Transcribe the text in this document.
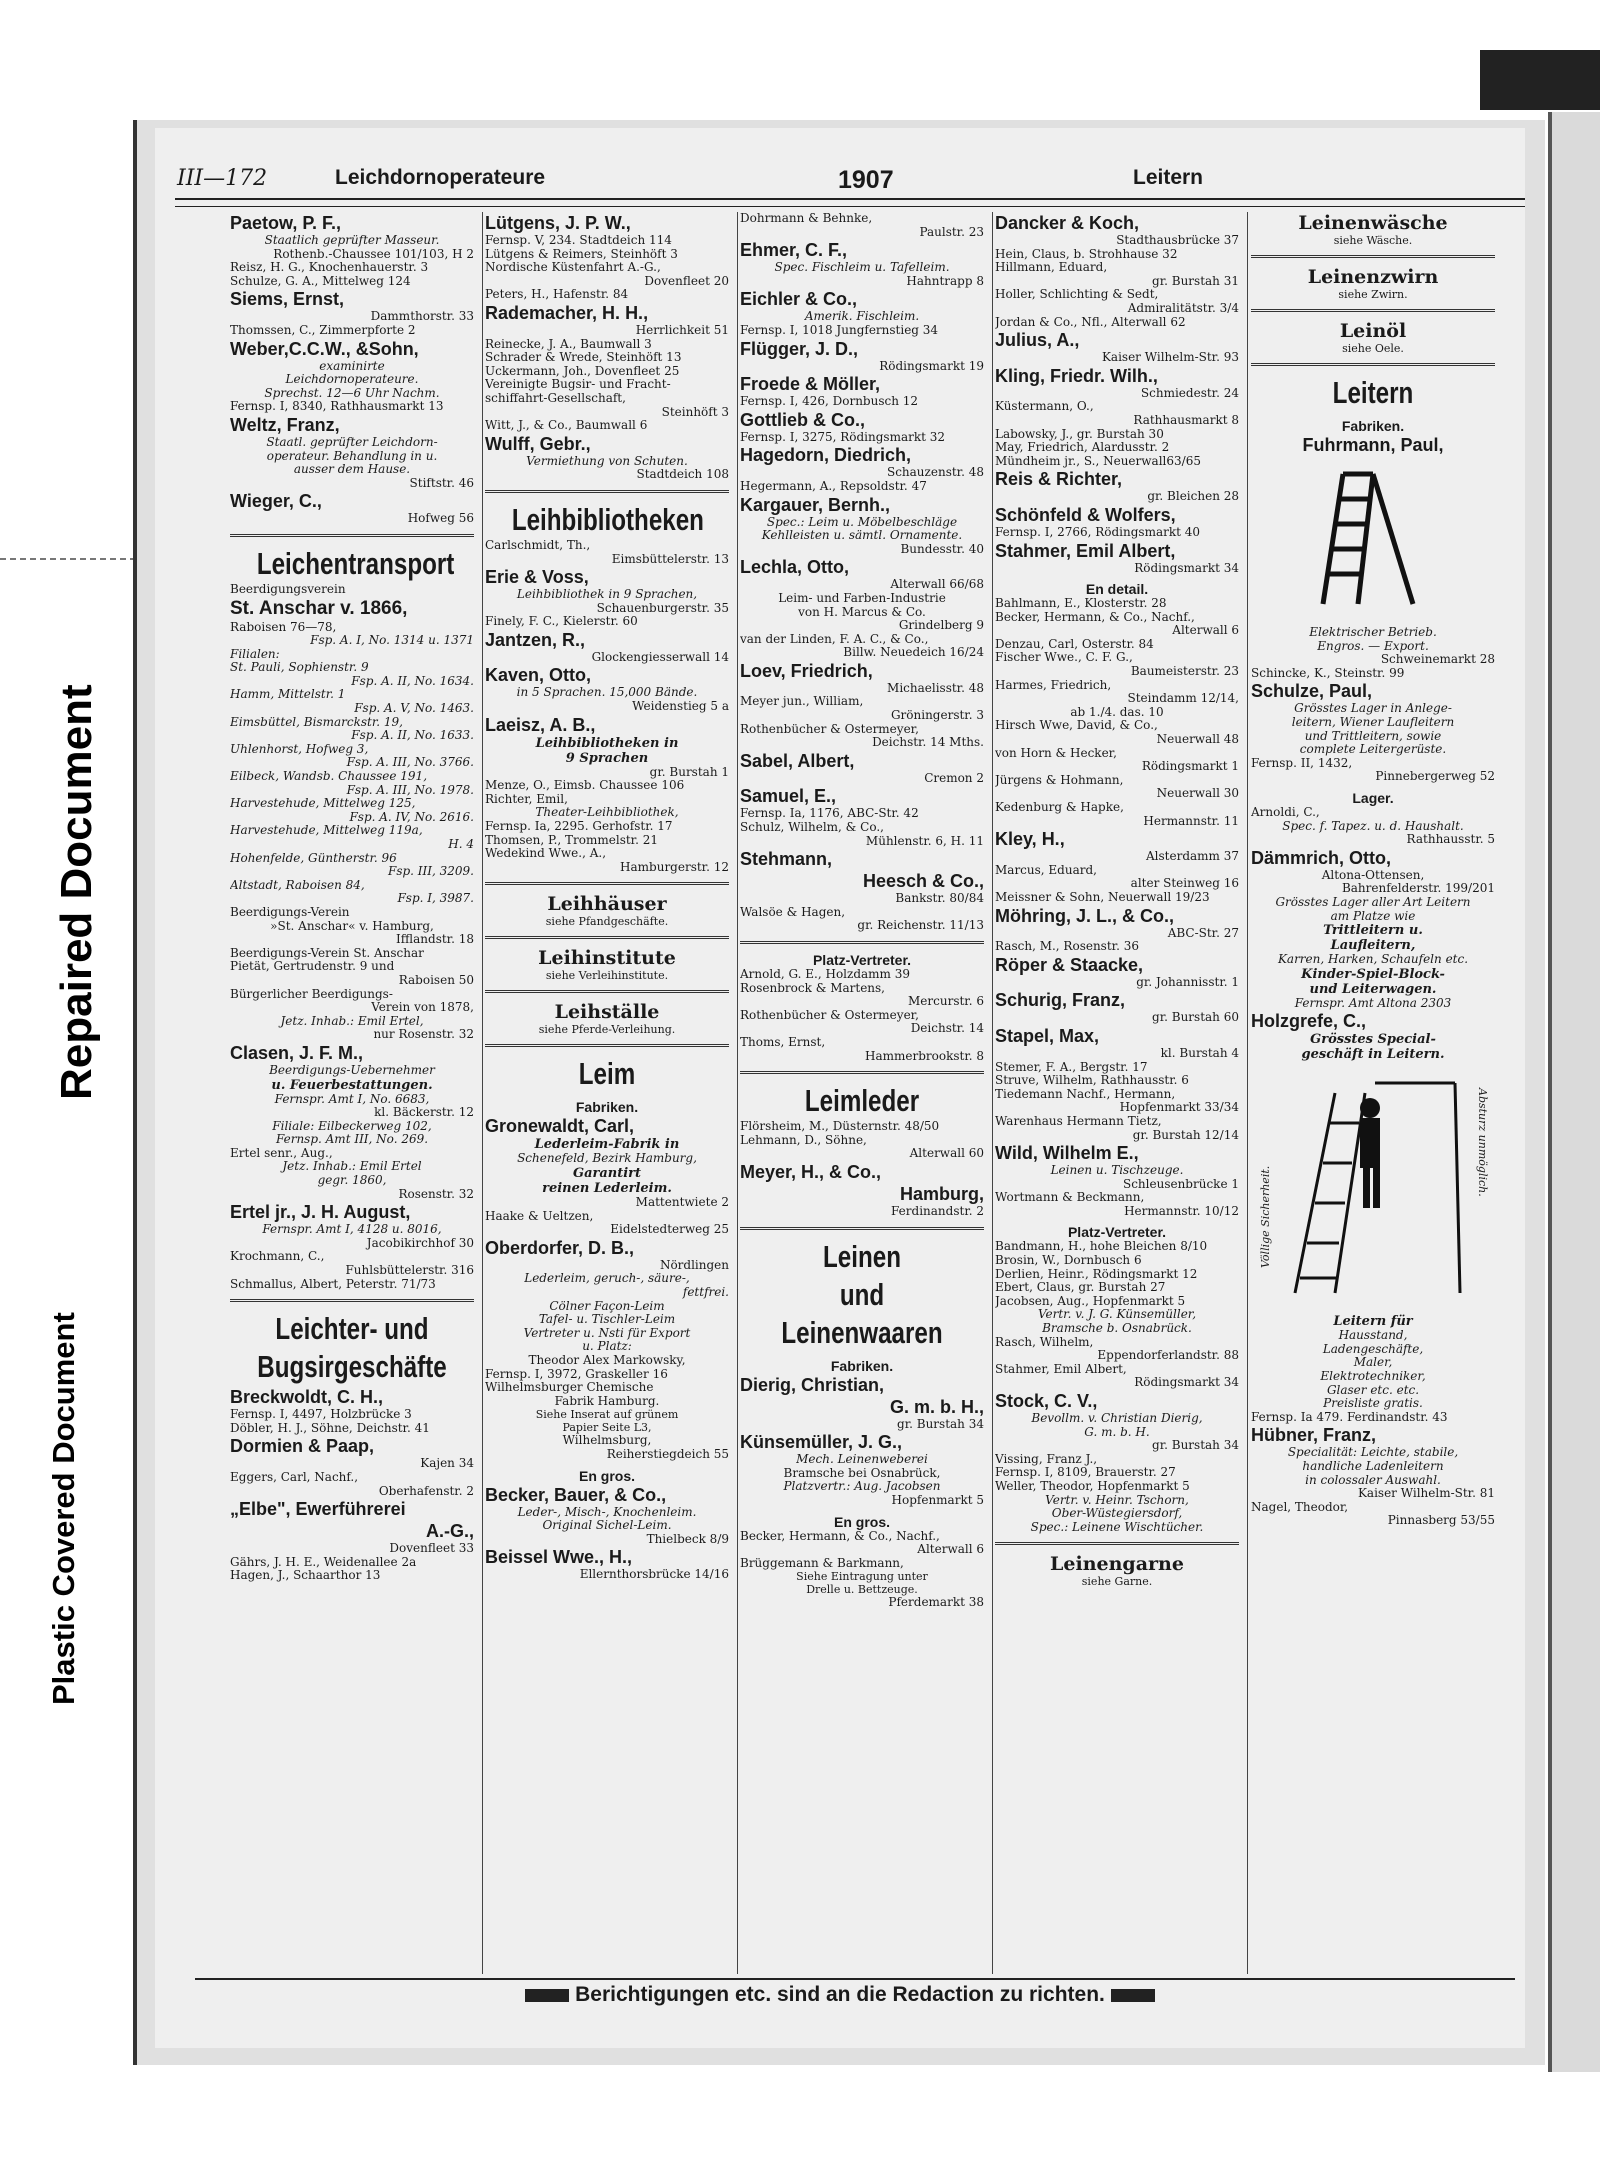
Repaired Document
Plastic Covered Document
III—172	Leichdornoperateure	1907	Leitern
Paetow, P. F.,
Staatlich geprüfter Masseur.
Rothenb.-Chaussee 101/103, H 2
Reisz, H. G., Knochenhauerstr. 3
Schulze, G. A., Mittelweg 124
Siems, Ernst,
Dammthorstr. 33
Thomssen, C., Zimmerpforte 2
Weber,C.C.W., &Sohn,
examinirte
Leichdornoperateure.
Sprechst. 12—6 Uhr Nachm.
Fernsp. I, 8340, Rathhausmarkt 13
Weltz, Franz,
Staatl. geprüfter Leichdorn-
operateur. Behandlung in u.
ausser dem Hause.
Stiftstr. 46
Wieger, C.,
Hofweg 56
Leichentransport
Beerdigungsverein
St. Anschar v. 1866,
Raboisen 76—78,
Fsp. A. I, No. 1314 u. 1371
Filialen:
St. Pauli, Sophienstr. 9
Fsp. A. II, No. 1634.
Hamm, Mittelstr. 1
Fsp. A. V, No. 1463.
Eimsbüttel, Bismarckstr. 19,
Fsp. A. II, No. 1633.
Uhlenhorst, Hofweg 3,
Fsp. A. III, No. 3766.
Eilbeck, Wandsb. Chaussee 191,
Fsp. A. III, No. 1978.
Harvestehude, Mittelweg 125,
Fsp. A. IV, No. 2616.
Harvestehude, Mittelweg 119a,
H. 4
Hohenfelde, Güntherstr. 96
Fsp. III, 3209.
Altstadt, Raboisen 84,
Fsp. I, 3987.
Beerdigungs-Verein
»St. Anschar« v. Hamburg,
Ifflandstr. 18
Beerdigungs-Verein St. Anschar
Pietät, Gertrudenstr. 9 und
Raboisen 50
Bürgerlicher Beerdigungs-
Verein von 1878,
Jetz. Inhab.: Emil Ertel,
nur Rosenstr. 32
Clasen, J. F. M.,
Beerdigungs-Uebernehmer
u. Feuerbestattungen.
Fernspr. Amt I, No. 6683,
kl. Bäckerstr. 12
Filiale: Eilbeckerweg 102,
Fernsp. Amt III, No. 269.
Ertel senr., Aug.,
Jetz. Inhab.: Emil Ertel
gegr. 1860,
Rosenstr. 32
Ertel jr., J. H. August,
Fernspr. Amt I, 4128 u. 8016,
Jacobikirchhof 30
Krochmann, C.,
Fuhlsbüttelerstr. 316
Schmallus, Albert, Peterstr. 71/73
Leichter- und
Bugsirgeschäfte
Breckwoldt, C. H.,
Fernsp. I, 4497, Holzbrücke 3
Döbler, H. J., Söhne, Deichstr. 41
Dormien & Paap,
Kajen 34
Eggers, Carl, Nachf.,
Oberhafenstr. 2
„Elbe", Ewerführerei
A.-G.,
Dovenfleet 33
Gährs, J. H. E., Weidenallee 2a
Hagen, J., Schaarthor 13
Lütgens, J. P. W.,
Fernsp. V, 234. Stadtdeich 114
Lütgens & Reimers, Steinhöft 3
Nordische Küstenfahrt A.-G.,
Dovenfleet 20
Peters, H., Hafenstr. 84
Rademacher, H. H.,
Herrlichkeit 51
Reinecke, J. A., Baumwall 3
Schrader & Wrede, Steinhöft 13
Uckermann, Joh., Dovenfleet 25
Vereinigte Bugsir- und Fracht-
schiffahrt-Gesellschaft,
Steinhöft 3
Witt, J., & Co., Baumwall 6
Wulff, Gebr.,
Vermiethung von Schuten.
Stadtdeich 108
Leihbibliotheken
Carlschmidt, Th.,
Eimsbüttelerstr. 13
Erie & Voss,
Leihbibliothek in 9 Sprachen,
Schauenburgerstr. 35
Finely, F. C., Kielerstr. 60
Jantzen, R.,
Glockengiesserwall 14
Kaven, Otto,
in 5 Sprachen. 15,000 Bände.
Weidenstieg 5 a
Laeisz, A. B.,
Leihbibliotheken in
9 Sprachen
gr. Burstah 1
Menze, O., Eimsb. Chaussee 106
Richter, Emil,
Theater-Leihbibliothek,
Fernsp. Ia, 2295. Gerhofstr. 17
Thomsen, P., Trommelstr. 21
Wedekind Wwe., A.,
Hamburgerstr. 12
Leihhäuser
siehe Pfandgeschäfte.
Leihinstitute
siehe Verleihinstitute.
Leihställe
siehe Pferde-Verleihung.
Leim
Fabriken.
Gronewaldt, Carl,
Lederleim-Fabrik in
Schenefeld, Bezirk Hamburg,
Garantirt
reinen Lederleim.
Mattentwiete 2
Haake & Ueltzen,
Eidelstedterweg 25
Oberdorfer, D. B.,
Nördlingen
Lederleim, geruch-, säure-,
fettfrei.
Cölner Façon-Leim
Tafel- u. Tischler-Leim
Vertreter u. Nsti für Export
u. Platz:
Theodor Alex Markowsky,
Fernsp. I, 3972, Graskeller 16
Wilhelmsburger Chemische
Fabrik Hamburg.
Siehe Inserat auf grünem
Papier Seite L3,
Wilhelmsburg,
Reiherstiegdeich 55
En gros.
Becker, Bauer, & Co.,
Leder-, Misch-, Knochenleim.
Original Sichel-Leim.
Thielbeck 8/9
Beissel Wwe., H.,
Ellernthorsbrücke 14/16
Dohrmann & Behnke,
Paulstr. 23
Ehmer, C. F.,
Spec. Fischleim u. Tafelleim.
Hahntrapp 8
Eichler & Co.,
Amerik. Fischleim.
Fernsp. I, 1018 Jungfernstieg 34
Flügger, J. D.,
Rödingsmarkt 19
Froede & Möller,
Fernsp. I, 426, Dornbusch 12
Gottlieb & Co.,
Fernsp. I, 3275, Rödingsmarkt 32
Hagedorn, Diedrich,
Schauzenstr. 48
Hegermann, A., Repsoldstr. 47
Kargauer, Bernh.,
Spec.: Leim u. Möbelbeschläge
Kehlleisten u. sämtl. Ornamente.
Bundesstr. 40
Lechla, Otto,
Alterwall 66/68
Leim- und Farben-Industrie
von H. Marcus & Co.
Grindelberg 9
van der Linden, F. A. C., & Co.,
Billw. Neuedeich 16/24
Loev, Friedrich,
Michaelisstr. 48
Meyer jun., William,
Gröningerstr. 3
Rothenbücher & Ostermeyer,
Deichstr. 14 Mths.
Sabel, Albert,
Cremon 2
Samuel, E.,
Fernsp. Ia, 1176, ABC-Str. 42
Schulz, Wilhelm, & Co.,
Mühlenstr. 6, H. 11
Stehmann,
Heesch & Co.,
Bankstr. 80/84
Walsöe & Hagen,
gr. Reichenstr. 11/13
Platz-Vertreter.
Arnold, G. E., Holzdamm 39
Rosenbrock & Martens,
Mercurstr. 6
Rothenbücher & Ostermeyer,
Deichstr. 14
Thoms, Ernst,
Hammerbrookstr. 8
Leimleder
Flörsheim, M., Düsternstr. 48/50
Lehmann, D., Söhne,
Alterwall 60
Meyer, H., & Co.,
Hamburg,
Ferdinandstr. 2
Leinen
und Leinenwaaren
Fabriken.
Dierig, Christian,
G. m. b. H.,
gr. Burstah 34
Künsemüller, J. G.,
Mech. Leinenweberei
Bramsche bei Osnabrück,
Platzvertr.: Aug. Jacobsen
Hopfenmarkt 5
En gros.
Becker, Hermann, & Co., Nachf.,
Alterwall 6
Brüggemann & Barkmann,
Siehe Eintragung unter
Drelle u. Bettzeuge.
Pferdemarkt 38
Dancker & Koch,
Stadthausbrücke 37
Hein, Claus, b. Strohhause 32
Hillmann, Eduard,
gr. Burstah 31
Holler, Schlichting & Sedt,
Admiralitätstr. 3/4
Jordan & Co., Nfl., Alterwall 62
Julius, A.,
Kaiser Wilhelm-Str. 93
Kling, Friedr. Wilh.,
Schmiedestr. 24
Küstermann, O.,
Rathhausmarkt 8
Labowsky, J., gr. Burstah 30
May, Friedrich, Alardusstr. 2
Mündheim jr., S., Neuerwall63/65
Reis & Richter,
gr. Bleichen 28
Schönfeld & Wolfers,
Fernsp. I, 2766, Rödingsmarkt 40
Stahmer, Emil Albert,
Rödingsmarkt 34
En detail.
Bahlmann, E., Klosterstr. 28
Becker, Hermann, & Co., Nachf.,
Alterwall 6
Denzau, Carl, Osterstr. 84
Fischer Wwe., C. F. G.,
Baumeisterstr. 23
Harmes, Friedrich,
Steindamm 12/14,
ab 1./4. das. 10
Hirsch Wwe, David, & Co.,
Neuerwall 48
von Horn & Hecker,
Rödingsmarkt 1
Jürgens & Hohmann,
Neuerwall 30
Kedenburg & Hapke,
Hermannstr. 11
Kley, H.,
Alsterdamm 37
Marcus, Eduard,
alter Steinweg 16
Meissner & Sohn, Neuerwall 19/23
Möhring, J. L., & Co.,
ABC-Str. 27
Rasch, M., Rosenstr. 36
Röper & Staacke,
gr. Johannisstr. 1
Schurig, Franz,
gr. Burstah 60
Stapel, Max,
kl. Burstah 4
Stemer, F. A., Bergstr. 17
Struve, Wilhelm, Rathhausstr. 6
Tiedemann Nachf., Hermann,
Hopfenmarkt 33/34
Warenhaus Hermann Tietz,
gr. Burstah 12/14
Wild, Wilhelm E.,
Leinen u. Tischzeuge.
Schleusenbrücke 1
Wortmann & Beckmann,
Hermannstr. 10/12
Platz-Vertreter.
Bandmann, H., hohe Bleichen 8/10
Brosin, W., Dornbusch 6
Derlien, Heinr., Rödingsmarkt 12
Ebert, Claus, gr. Burstah 27
Jacobsen, Aug., Hopfenmarkt 5
Vertr. v. J. G. Künsemüller,
Bramsche b. Osnabrück.
Rasch, Wilhelm,
Eppendorferlandstr. 88
Stahmer, Emil Albert,
Rödingsmarkt 34
Stock, C. V.,
Bevollm. v. Christian Dierig,
G. m. b. H.
gr. Burstah 34
Vissing, Franz J.,
Fernsp. I, 8109, Brauerstr. 27
Weller, Theodor, Hopfenmarkt 5
Vertr. v. Heinr. Tschorn,
Ober-Wüstegiersdorf,
Spec.: Leinene Wischtücher.
Leinengarne
siehe Garne.
Leinenwäsche
siehe Wäsche.
Leinenzwirn
siehe Zwirn.
Leinöl
siehe Oele.
Leitern
Fabriken.
Fuhrmann, Paul,
Elektrischer Betrieb.
Engros. — Export.
Schweinemarkt 28
Schincke, K., Steinstr. 99
Schulze, Paul,
Grösstes Lager in Anlege-
leitern, Wiener Laufleitern
und Trittleitern, sowie
complete Leitergerüste.
Fernsp. II, 1432,
Pinnebergerweg 52
Lager.
Arnoldi, C.,
Spec. f. Tapez. u. d. Haushalt.
Rathhausstr. 5
Dämmrich, Otto,
Altona-Ottensen,
Bahrenfelderstr. 199/201
Grösstes Lager aller Art Leitern
am Platze wie
Trittleitern u.
Laufleitern,
Karren, Harken, Schaufeln etc.
Kinder-Spiel-Block-
und Leiterwagen.
Fernspr. Amt Altona 2303
Holzgrefe, C.,
Grösstes Special-
geschäft in Leitern.
Völlige Sicherheit.
Absturz unmöglich.
Leitern für
Hausstand,
Ladengeschäfte,
Maler,
Elektrotechniker,
Glaser etc. etc.
Preisliste gratis.
Fernsp. Ia 479. Ferdinandstr. 43
Hübner, Franz,
Specialität: Leichte, stabile,
handliche Ladenleitern
in colossaler Auswahl.
Kaiser Wilhelm-Str. 81
Nagel, Theodor,
Pinnasberg 53/55
Berichtigungen etc. sind an die Redaction zu richten.
